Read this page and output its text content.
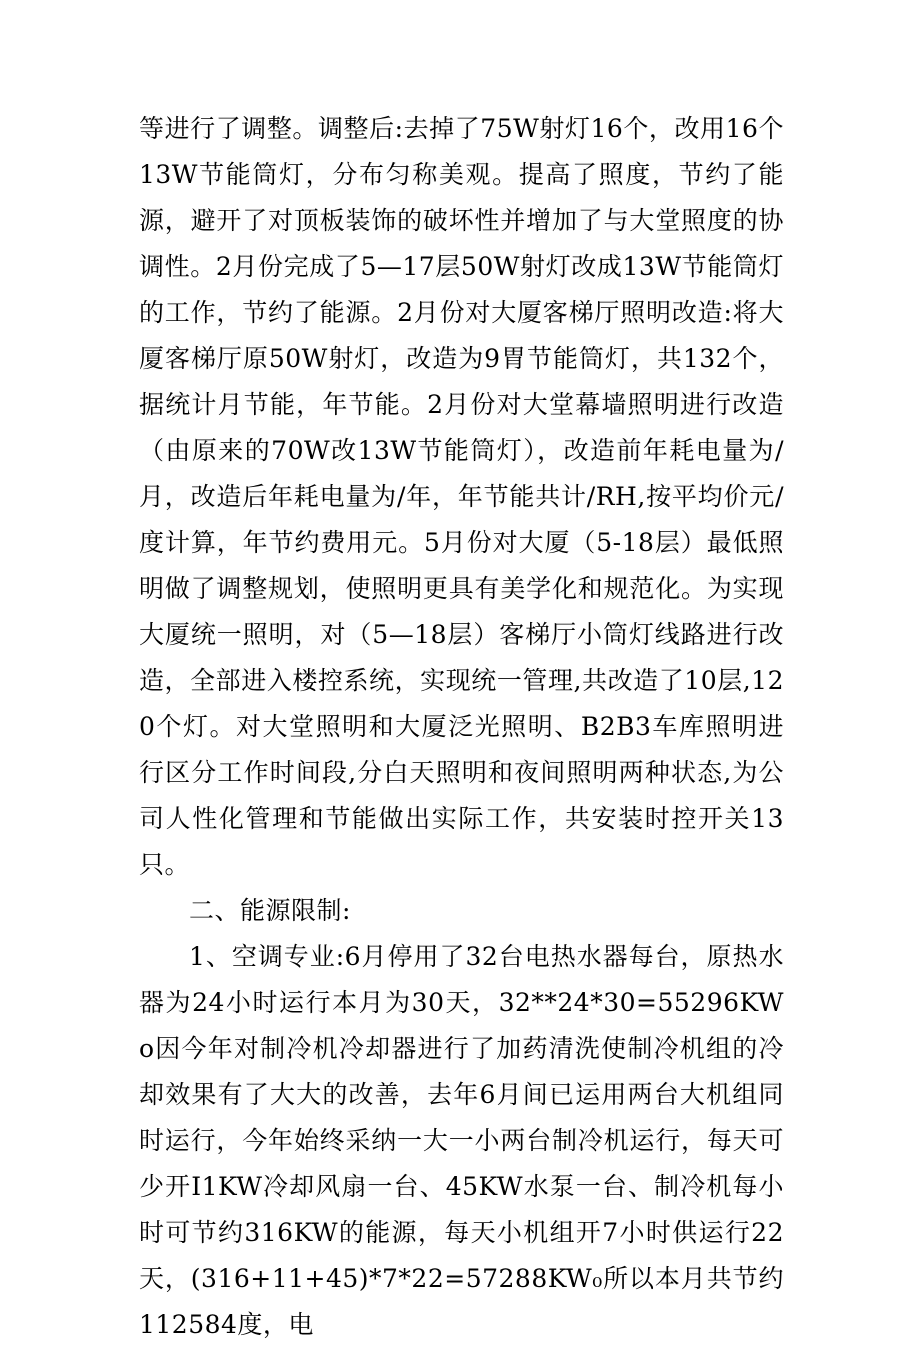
等进行了调整。调整后:去掉了75W射灯16个，改用16个13W节能筒灯，分布匀称美观。提高了照度，节约了能源，避开了对顶板装饰的破坏性并增加了与大堂照度的协调性。2月份完成了5—17层50W射灯改成13W节能筒灯的工作，节约了能源。2月份对大厦客梯厅照明改造:将大厦客梯厅原50W射灯，改造为9胃节能筒灯，共132个，据统计月节能，年节能。2月份对大堂幕墙照明进行改造（由原来的70W改13W节能筒灯），改造前年耗电量为/月，改造后年耗电量为/年，年节能共计/RH,按平均价元/度计算，年节约费用元。5月份对大厦（5-18层）最低照明做了调整规划，使照明更具有美学化和规范化。为实现大厦统一照明，对（5—18层）客梯厅小筒灯线路进行改造，全部进入楼控系统，实现统一管理,共改造了10层,120个灯。对大堂照明和大厦泛光照明、B2B3车库照明进行区分工作时间段,分白天照明和夜间照明两种状态,为公司人性化管理和节能做出实际工作，共安装时控开关13只。

二、能源限制:

1、空调专业:6月停用了32台电热水器每台，原热水器为24小时运行本月为30天，32**24*30=55296KWo因今年对制冷机冷却器进行了加药清洗使制冷机组的冷却效果有了大大的改善，去年6月间已运用两台大机组同时运行，今年始终采纳一大一小两台制冷机运行，每天可少开I1KW冷却风扇一台、45KW水泵一台、制冷机每小时可节约316KW的能源，每天小机组开7小时供运行22天，(316+11+45)*7*22=57288KW₀所以本月共节约112584度，电
